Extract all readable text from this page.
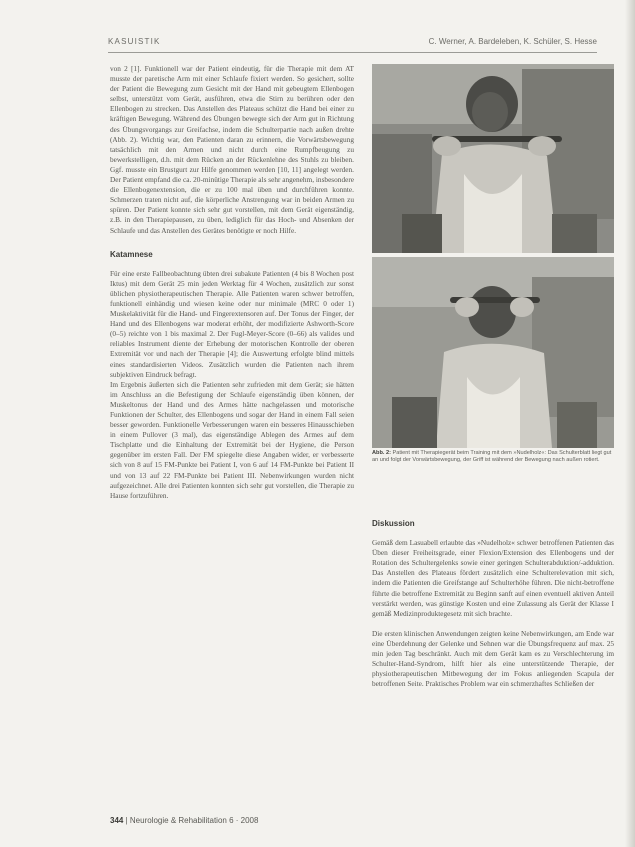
KASUISTIK	C. Werner, A. Bardeleben, K. Schüler, S. Hesse

von 2 [1]. Funktionell war der Patient eindeutig, für die Therapie mit dem AT musste der paretische Arm mit einer Schlaufe fixiert werden. So gesichert, sollte der Patient die Bewegung zum Gesicht mit der Hand mit gebeugtem Ellenbogen selbst, unterstützt vom Gerät, ausführen, etwa die Stirn zu berühren oder den Ellenbogen zu strecken. Das Anstellen des Plateaus schützt die Hand bei einer zu kräftigen Bewegung. Während des Übungen bewegte sich der Arm gut in Richtung des Übungsvorgangs zur Greifachse, indem die Schulterpartie nach außen drehte (Abb. 2). Wichtig war, den Patienten daran zu erinnern, die Vorwärtsbewegung tatsächlich mit den Armen und nicht durch eine Rumpfbeugung zu bewerkstelligen, d.h. mit dem Rücken an der Rückenlehne des Stuhls zu bleiben. Ggf. musste ein Brustgurt zur Hilfe genommen werden [10, 11] angelegt werden. Der Patient empfand die ca. 20-minütige Therapie als sehr angenehm, insbesondere die Ellenbogenextension, die er zu 100 mal üben und durchführen konnte. Schmerzen traten nicht auf, die körperliche Anstrengung war in beiden Armen zu spüren. Der Patient konnte sich sehr gut vorstellen, mit dem Gerät eigenständig, z.B. in den Therapiepausen, zu üben, lediglich für das Hoch- und Absenken der Schlaufe und das Anstellen des Gerätes benötigte er noch Hilfe.

Katamnese

Für eine erste Fallbeobachtung übten drei subakute Patienten (4 bis 8 Wochen post Iktus) mit dem Gerät 25 min jeden Werktag für 4 Wochen, zusätzlich zur sonst üblichen physiotherapeutischen Therapie. Alle Patienten waren schwer betroffen, funktionell einhändig und wiesen keine oder nur minimale (MRC 0 oder 1) Muskelaktivität für die Hand- und Fingerextensoren auf. Der Tonus der Finger, der Hand und des Ellenbogens war moderat erhöht, der modifizierte Ashworth-Score (0–5) reichte von 1 bis maximal 2. Der Fugl-Meyer-Score (0–66) als valides und reliables Instrument diente der Erhebung der motorischen Kontrolle der oberen Extremität vor und nach der Therapie [4]; die Auswertung erfolgte blind mittels eines standardisierten Videos. Zusätzlich wurden die Patienten nach ihrem subjektiven Eindruck befragt.

Im Ergebnis äußerten sich die Patienten sehr zufrieden mit dem Gerät; sie hätten im Anschluss an die Befestigung der Schlaufe eigenständig üben können, der Muskeltonus der Hand und des Armes hätte nachgelassen und motorische Funktionen der Schulter, des Ellenbogens und sogar der Hand in einem Fall seien besser geworden. Funktionelle Verbesserungen waren ein besseres Hinausschieben in einem Pullover (3 mal), das eigenständige Ablegen des Armes auf dem Tischplatte und die Einhaltung der Extremität bei der Hygiene, die Person gegenüber im ersten Fall. Der FM spiegelte diese Angaben wider, er verbesserte sich von 8 auf 15 FM-Punkte bei Patient I, von 6 auf 14 FM-Punkte bei Patient II und von 13 auf 22 FM-Punkte bei Patient III. Nebenwirkungen wurden nicht aufgezeichnet. Alle drei Patienten konnten sich sehr gut vorstellen, die Therapie zu Hause fortzuführen.

Abb. 2: Patient mit Therapiegerät beim Training mit dem »Nudelholz«: Das Schulterblatt liegt gut an und folgt der Vorwärtsbewegung, der Griff ist während der Bewegung nach außen rotiert.
Diskussion

Gemäß dem Lasuabell erlaubte das »Nudelholz« schwer betroffenen Patienten das Üben dieser Freiheitsgrade, einer Flexion/Extension des Ellenbogens und der Rotation des Schultergelenks sowie einer geringen Schulterabduktion/-adduktion. Das Anstellen des Plateaus fördert zusätzlich eine Schulterelevation mit sich, indem die Patienten die Greifstange auf Schulterhöhe führen. Die nicht-betroffene führte die betroffene Extremität zu Beginn sanft auf einen eventuell aktiven Anteil verstärkt werden, was günstige Kosten und eine Zulassung als Gerät der Klasse I gemäß Medizinproduktegesetz mit sich brachte.

Die ersten klinischen Anwendungen zeigten keine Nebenwirkungen, am Ende war eine Überdehnung der Gelenke und Sehnen war die Übungsfrequenz auf max. 25 min jeden Tag beschränkt. Auch mit dem Gerät kam es zu Verschlechterung im Schulter-Hand-Syndrom, hilft hier als eine unterstützende Therapie, der physiotherapeutischen Mitbewegung der im Fokus anliegenden Scapula der betroffenen Seite. Praktisches Problem war ein schmerzhaftes Schließen der

344 | Neurologie & Rehabilitation 6 · 2008
